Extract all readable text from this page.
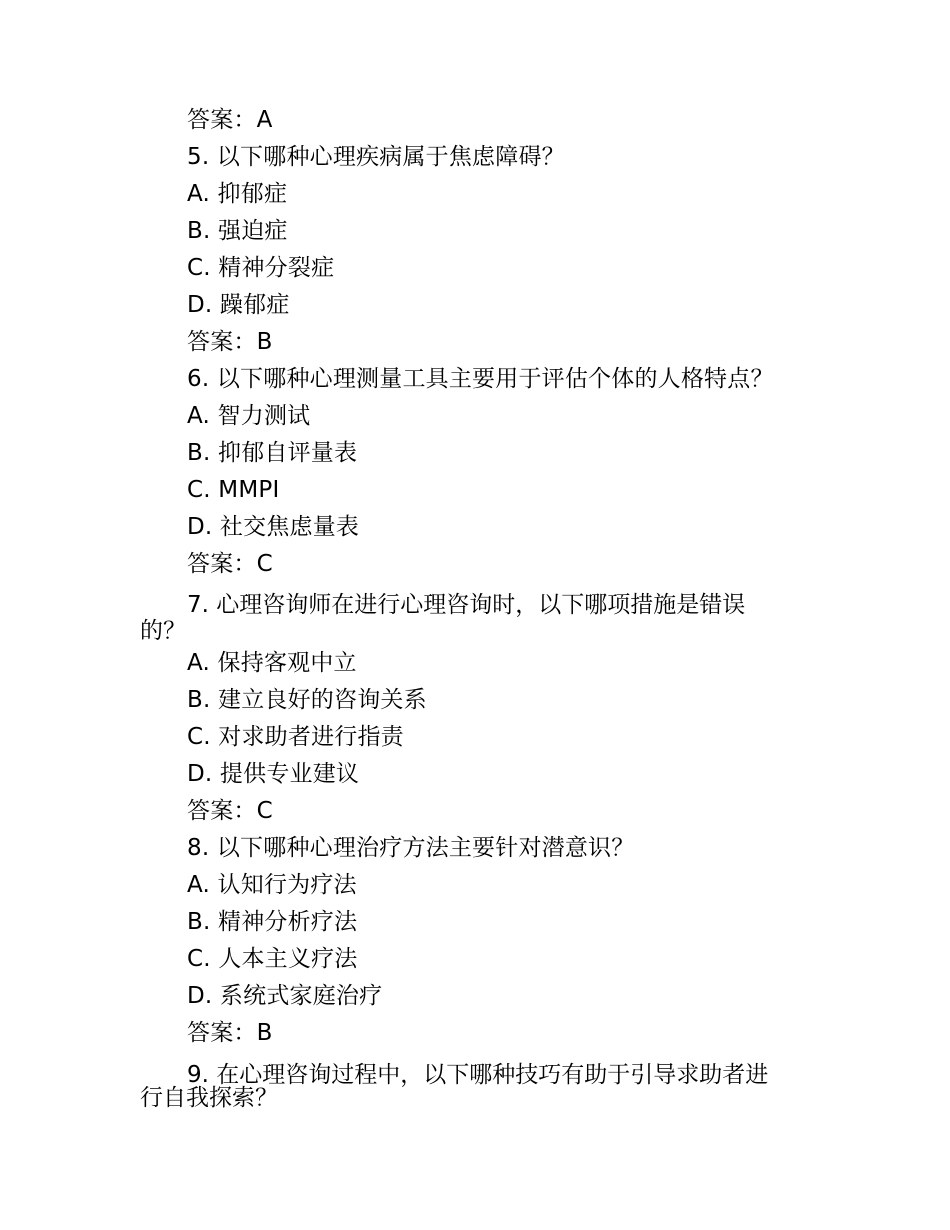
答案：A
5. 以下哪种心理疾病属于焦虑障碍？
A. 抑郁症
B. 强迫症
C. 精神分裂症
D. 躁郁症
答案：B
6. 以下哪种心理测量工具主要用于评估个体的人格特点？
A. 智力测试
B. 抑郁自评量表
C. MMPI
D. 社交焦虑量表
答案：C
7. 心理咨询师在进行心理咨询时，以下哪项措施是错误
的？
A. 保持客观中立
B. 建立良好的咨询关系
C. 对求助者进行指责
D. 提供专业建议
答案：C
8. 以下哪种心理治疗方法主要针对潜意识？
A. 认知行为疗法
B. 精神分析疗法
C. 人本主义疗法
D. 系统式家庭治疗
答案：B
9. 在心理咨询过程中，以下哪种技巧有助于引导求助者进
行自我探索？
